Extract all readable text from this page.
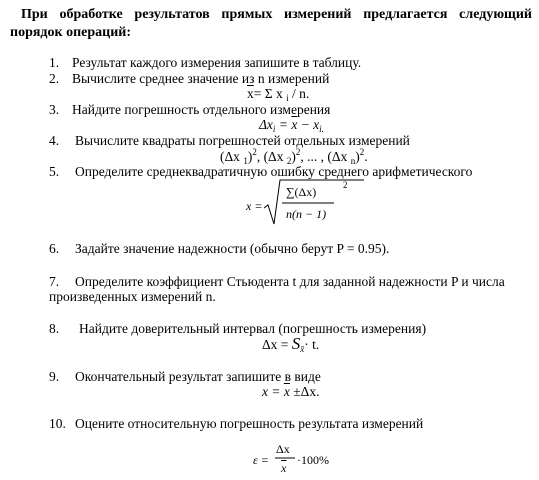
При обработке результатов прямых измерений предлагается следующий порядок операций:
1. Результат каждого измерения запишите в таблицу.
2. Вычислите среднее значение из n измерений
$\overline{x}= \Sigma$ x $_i$ / n.
3. Найдите погрешность отдельного измерения
$\Delta x_i = \overline{x} - x_{i.}$
4. Вычислите квадраты погрешностей отдельных измерений
(Δx $_1$)$^2$, (Δx $_2$)$^2$, ... , (Δx $_n$)$^2$.
5. Определите среднеквадратичную ошибку среднего арифметического
x =
∑(Δx)	2
n(n − 1)
6. Задайте значение надежности (обычно берут P = 0.95).
7. Определите коэффициент Стьюдента t для заданной надежности P и числа
произведенных измерений n.
8. Найдите доверительный интервал (погрешность измерения)
$\Delta x = S_{x̄}\cdot t$.
9. Окончательный результат запишите в виде
$x = \overline{x} \pm\Delta x$.
10. Оцените относительную погрешность результата измерений
ε =
Δx
$\overline{x}$
·100%
